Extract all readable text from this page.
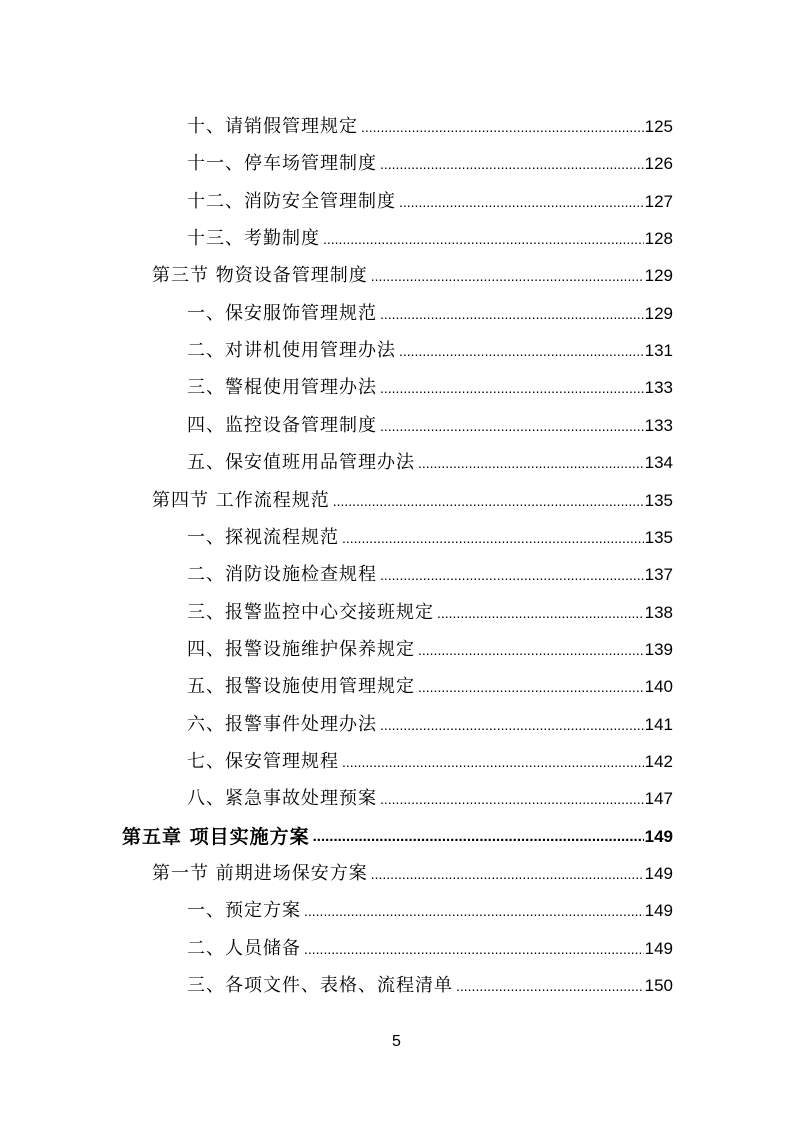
十、请销假管理规定 .....	125
十一、停车场管理制度 .....	126
十二、消防安全管理制度 .....	127
十三、考勤制度 .....	128
第三节 物资设备管理制度 .....	129
一、保安服饰管理规范 .....	129
二、对讲机使用管理办法 .....	131
三、警棍使用管理办法 .....	133
四、监控设备管理制度 .....	133
五、保安值班用品管理办法 .....	134
第四节 工作流程规范 .....	135
一、探视流程规范 .....	135
二、消防设施检查规程 .....	137
三、报警监控中心交接班规定 .....	138
四、报警设施维护保养规定 .....	139
五、报警设施使用管理规定 .....	140
六、报警事件处理办法 .....	141
七、保安管理规程 .....	142
八、紧急事故处理预案 .....	147
第五章 项目实施方案 .....	149
第一节 前期进场保安方案 .....	149
一、预定方案 .....	149
二、人员储备 .....	149
三、各项文件、表格、流程清单 .....	150
5
